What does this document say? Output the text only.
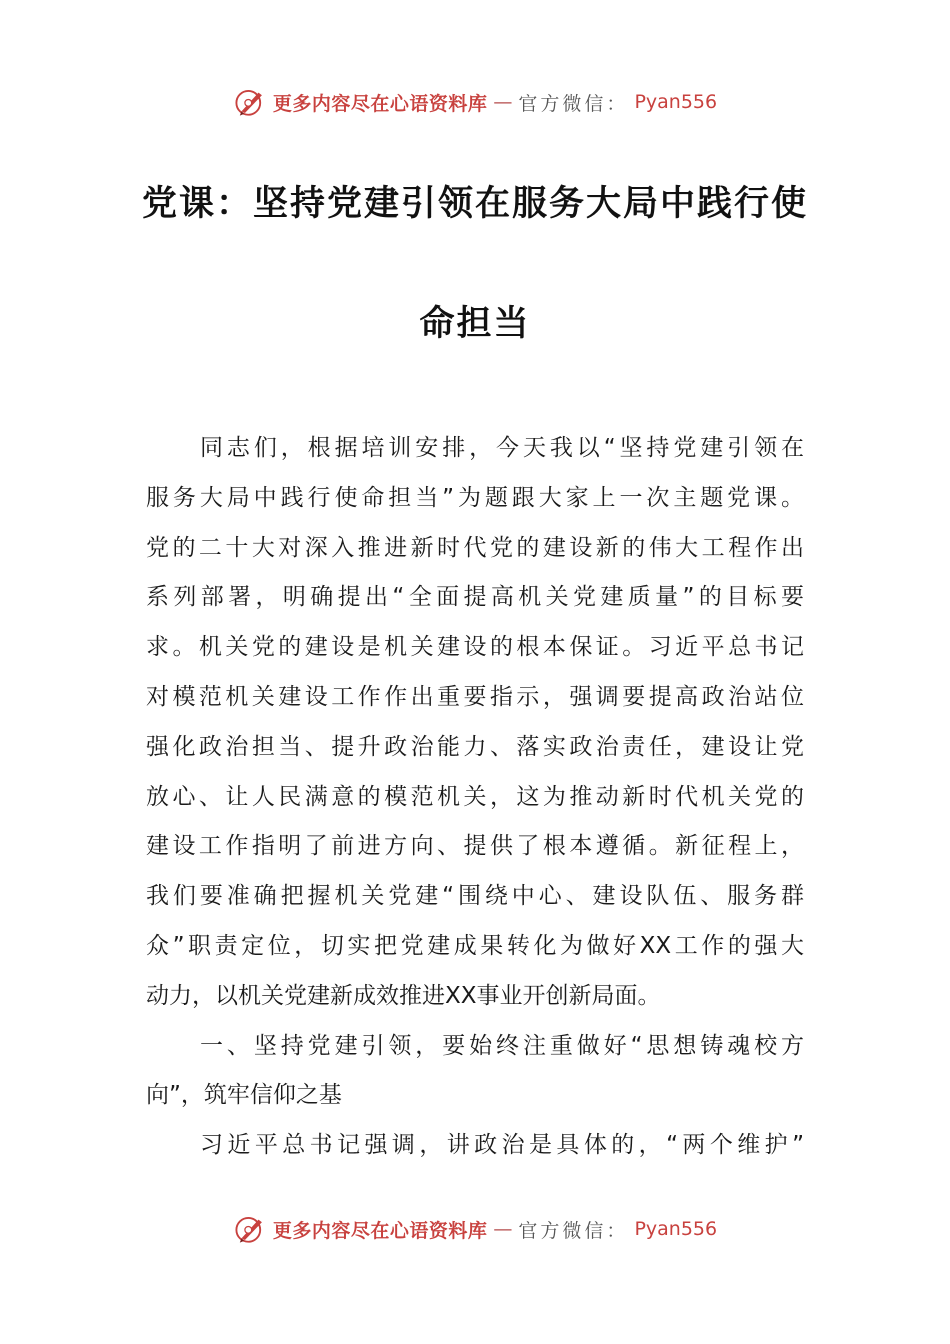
更多内容尽在心语资料库 — 官方微信： Pyan556
党课：坚持党建引领在服务大局中践行使
命担当
同志们，根据培训安排，今天我以“坚持党建引领在
服务大局中践行使命担当”为题跟大家上一次主题党课。
党的二十大对深入推进新时代党的建设新的伟大工程作出
系列部署，明确提出“全面提高机关党建质量”的目标要
求。机关党的建设是机关建设的根本保证。习近平总书记
对模范机关建设工作作出重要指示，强调要提高政治站位
强化政治担当、提升政治能力、落实政治责任，建设让党
放心、让人民满意的模范机关，这为推动新时代机关党的
建设工作指明了前进方向、提供了根本遵循。新征程上，
我们要准确把握机关党建“围绕中心、建设队伍、服务群
众”职责定位，切实把党建成果转化为做好XX工作的强大
动力，以机关党建新成效推进XX事业开创新局面。
一、坚持党建引领，要始终注重做好“思想铸魂校方
向”，筑牢信仰之基
习近平总书记强调，讲政治是具体的，“两个维护”
更多内容尽在心语资料库 — 官方微信： Pyan556
